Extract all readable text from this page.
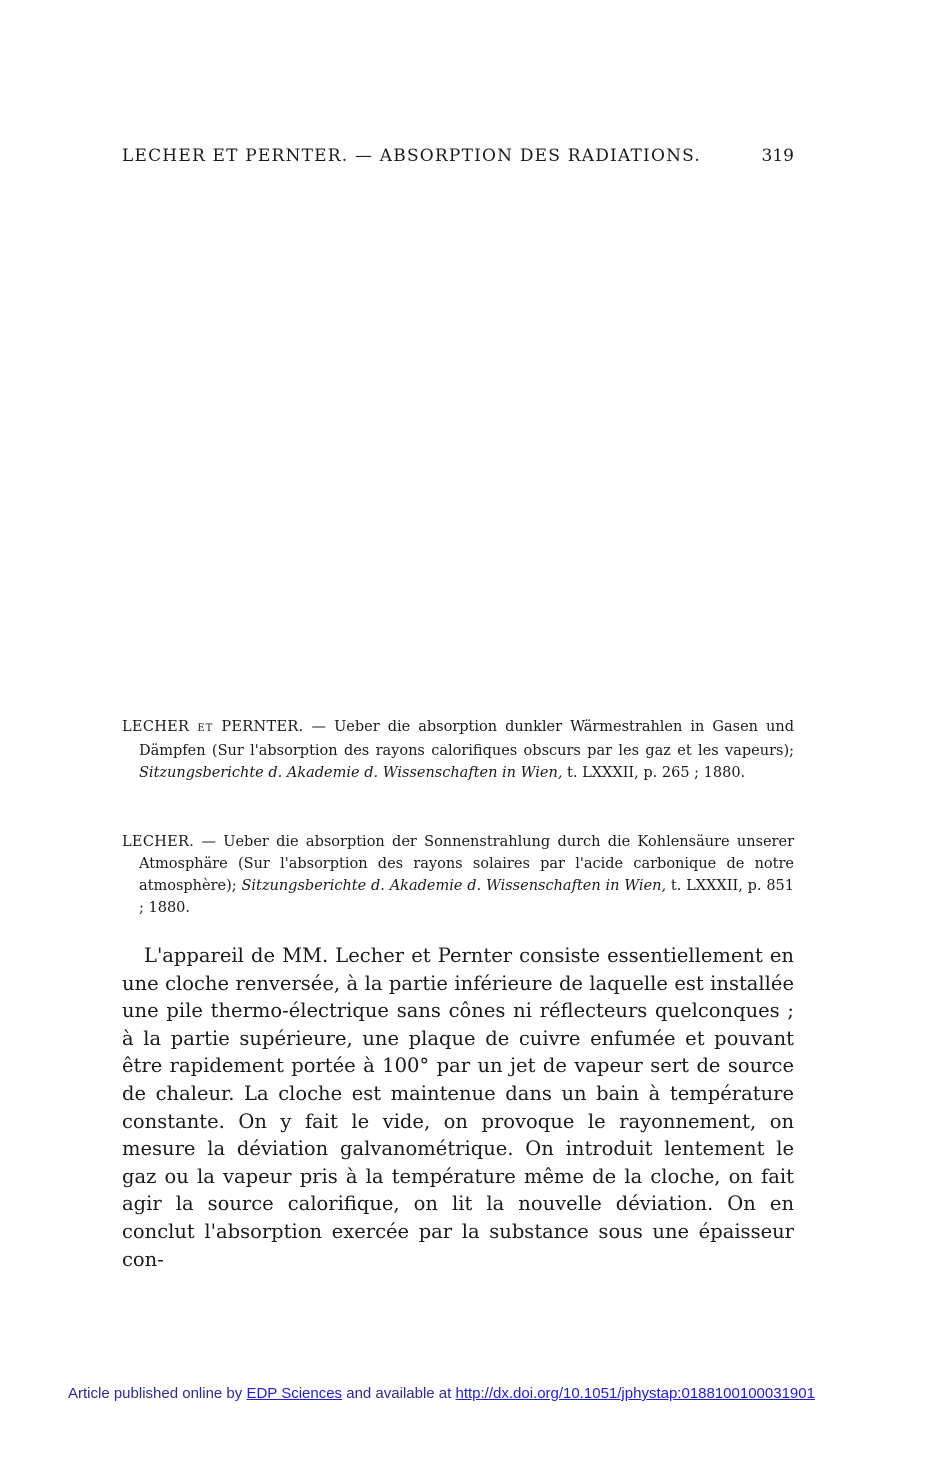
LECHER ET PERNTER. — ABSORPTION DES RADIATIONS.	319
LECHER ET PERNTER. — Ueber die absorption dunkler Wärmestrahlen in Gasen und Dämpfen (Sur l'absorption des rayons calorifiques obscurs par les gaz et les vapeurs); Sitzungsberichte d. Akademie d. Wissenschaften in Wien, t. LXXXII, p. 265 ; 1880.
LECHER. — Ueber die absorption der Sonnenstrahlung durch die Kohlensäure unserer Atmosphäre (Sur l'absorption des rayons solaires par l'acide carbonique de notre atmosphère); Sitzungsberichte d. Akademie d. Wissenschaften in Wien, t. LXXXII, p. 851 ; 1880.

L'appareil de MM. Lecher et Pernter consiste essentiellement en une cloche renversée, à la partie inférieure de laquelle est installée une pile thermo-électrique sans cônes ni réflecteurs quelconques ; à la partie supérieure, une plaque de cuivre enfumée et pouvant être rapidement portée à 100° par un jet de vapeur sert de source de chaleur. La cloche est maintenue dans un bain à température constante. On y fait le vide, on provoque le rayonnement, on mesure la déviation galvanométrique. On introduit lentement le gaz ou la vapeur pris à la température même de la cloche, on fait agir la source calorifique, on lit la nouvelle déviation. On en conclut l'absorption exercée par la substance sous une épaisseur con-

Article published online by EDP Sciences and available at http://dx.doi.org/10.1051/jphystap:0188100100031901
